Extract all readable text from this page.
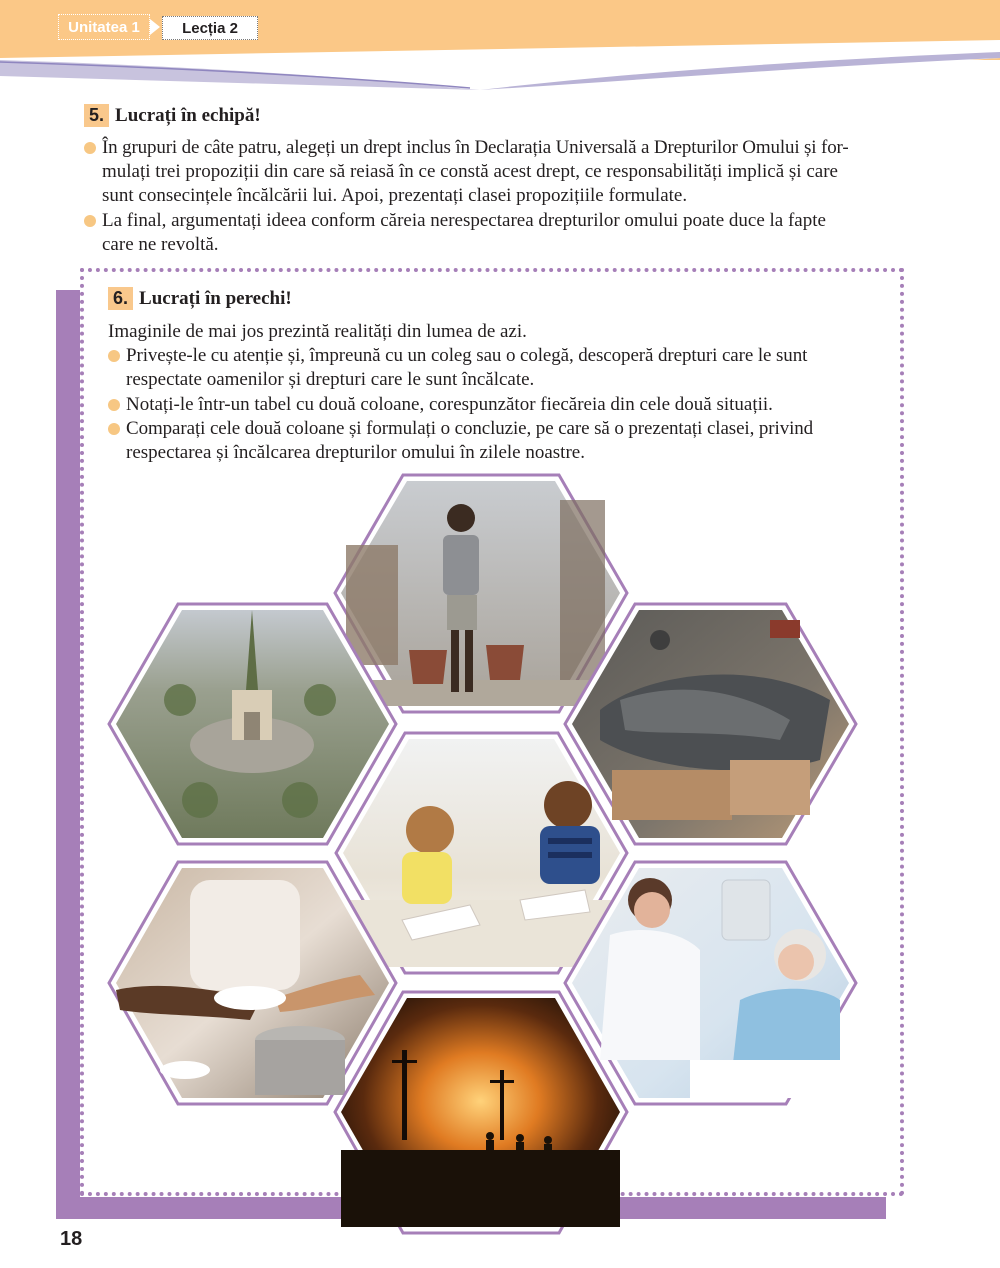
Unitatea 1	Lecția 2
5. Lucrați în echipă!
În grupuri de câte patru, alegeți un drept inclus în Declarația Universală a Drepturilor Omului și for-
mulați trei propoziții din care să reiasă în ce constă acest drept, ce responsabilități implică și care
sunt consecințele încălcării lui. Apoi, prezentați clasei propozițiile formulate.
La final, argumentați ideea conform căreia nerespectarea drepturilor omului poate duce la fapte
care ne revoltă.
6. Lucrați în perechi!
Imaginile de mai jos prezintă realități din lumea de azi.
Privește-le cu atenție și, împreună cu un coleg sau o colegă, descoperă drepturi care le sunt
respectate oamenilor și drepturi care le sunt încălcate.
Notați-le într-un tabel cu două coloane, corespunzător fiecăreia din cele două situații.
Comparați cele două coloane și formulați o concluzie, pe care să o prezentați clasei, privind
respectarea și încălcarea drepturilor omului în zilele noastre.
18
